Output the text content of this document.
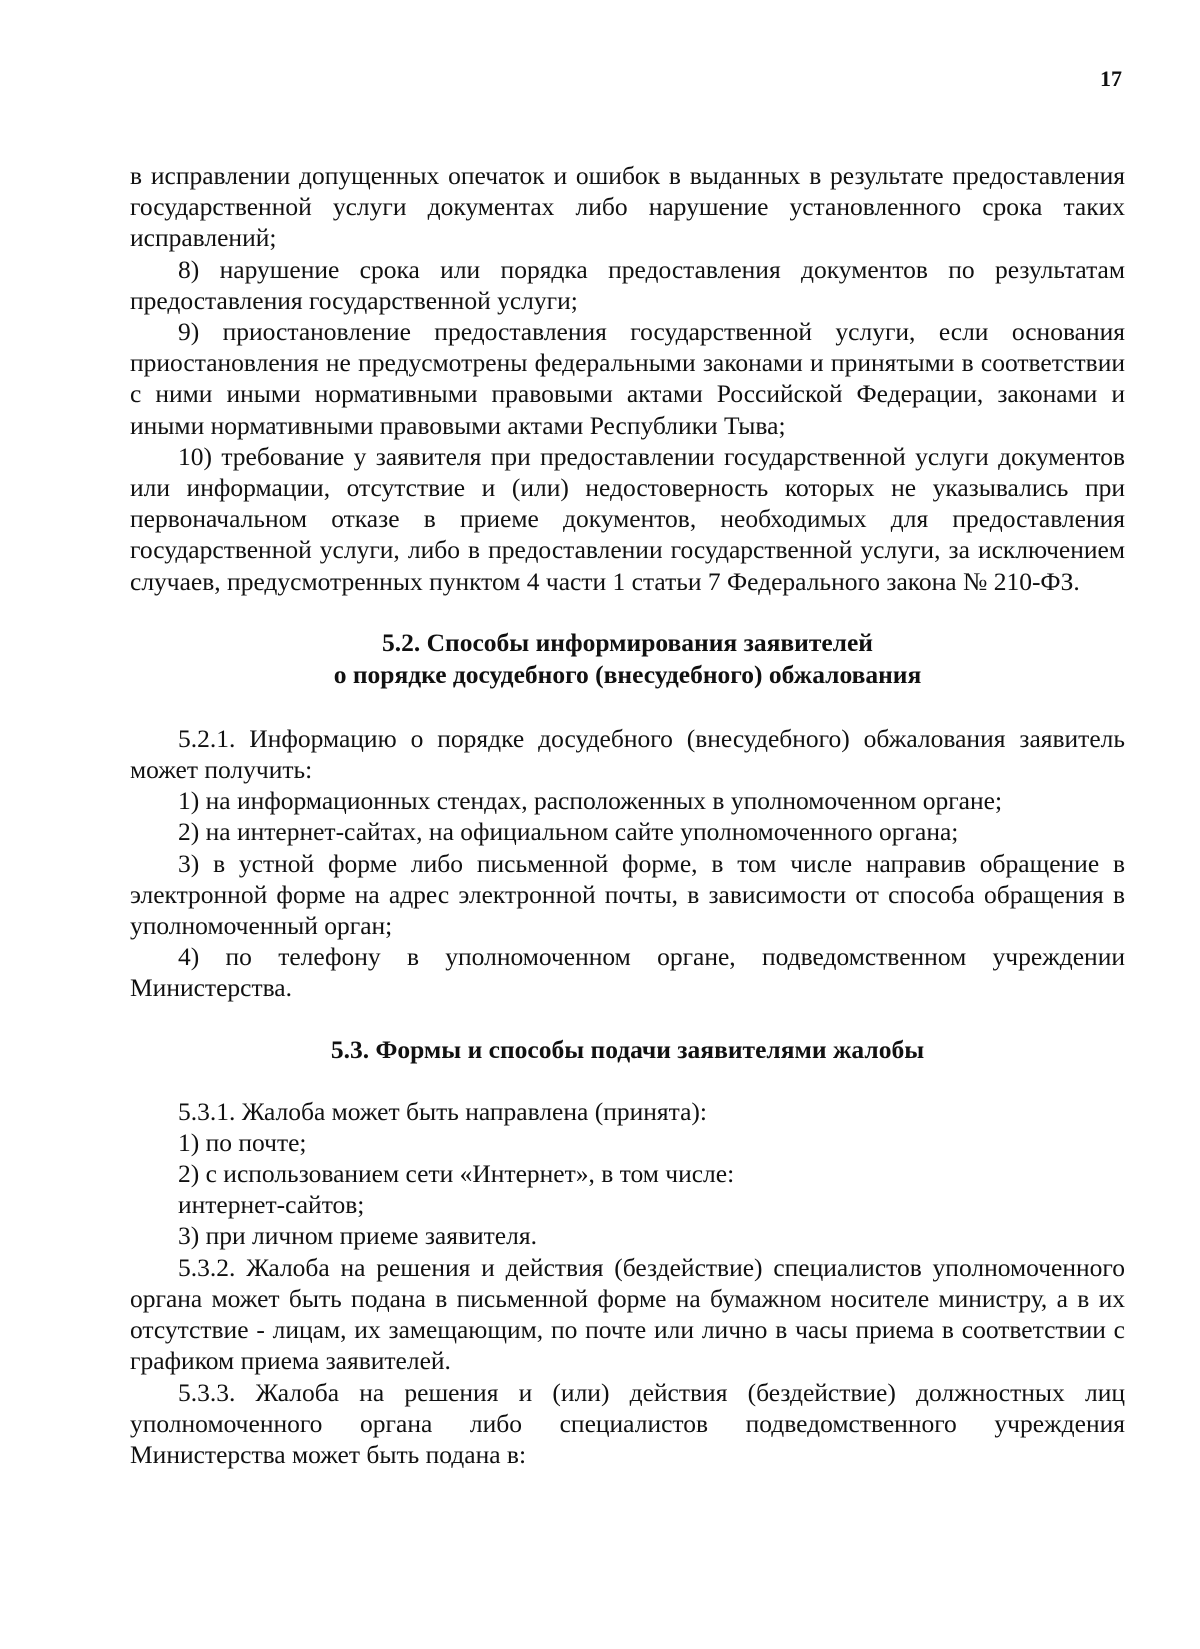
17

в исправлении допущенных опечаток и ошибок в выданных в результате предоставления государственной услуги документах либо нарушение установленного срока таких исправлений;

8) нарушение срока или порядка предоставления документов по результатам предоставления государственной услуги;

9) приостановление предоставления государственной услуги, если основания приостановления не предусмотрены федеральными законами и принятыми в соответствии с ними иными нормативными правовыми актами Российской Федерации, законами и иными нормативными правовыми актами Республики Тыва;

10) требование у заявителя при предоставлении государственной услуги документов или информации, отсутствие и (или) недостоверность которых не указывались при первоначальном отказе в приеме документов, необходимых для предоставления государственной услуги, либо в предоставлении государственной услуги, за исключением случаев, предусмотренных пунктом 4 части 1 статьи 7 Федерального закона № 210-ФЗ.

5.2. Способы информирования заявителей
о порядке досудебного (внесудебного) обжалования

5.2.1. Информацию о порядке досудебного (внесудебного) обжалования заявитель может получить:

1) на информационных стендах, расположенных в уполномоченном органе;

2) на интернет-сайтах, на официальном сайте уполномоченного органа;

3) в устной форме либо письменной форме, в том числе направив обращение в электронной форме на адрес электронной почты, в зависимости от способа обращения в уполномоченный орган;

4) по телефону в уполномоченном органе, подведомственном учреждении Министерства.

5.3. Формы и способы подачи заявителями жалобы

5.3.1. Жалоба может быть направлена (принята):

1) по почте;

2) с использованием сети «Интернет», в том числе:

интернет-сайтов;

3) при личном приеме заявителя.

5.3.2. Жалоба на решения и действия (бездействие) специалистов уполномоченного органа может быть подана в письменной форме на бумажном носителе министру, а в их отсутствие - лицам, их замещающим, по почте или лично в часы приема в соответствии с графиком приема заявителей.

5.3.3. Жалоба на решения и (или) действия (бездействие) должностных лиц уполномоченного органа либо специалистов подведомственного учреждения Министерства может быть подана в:
